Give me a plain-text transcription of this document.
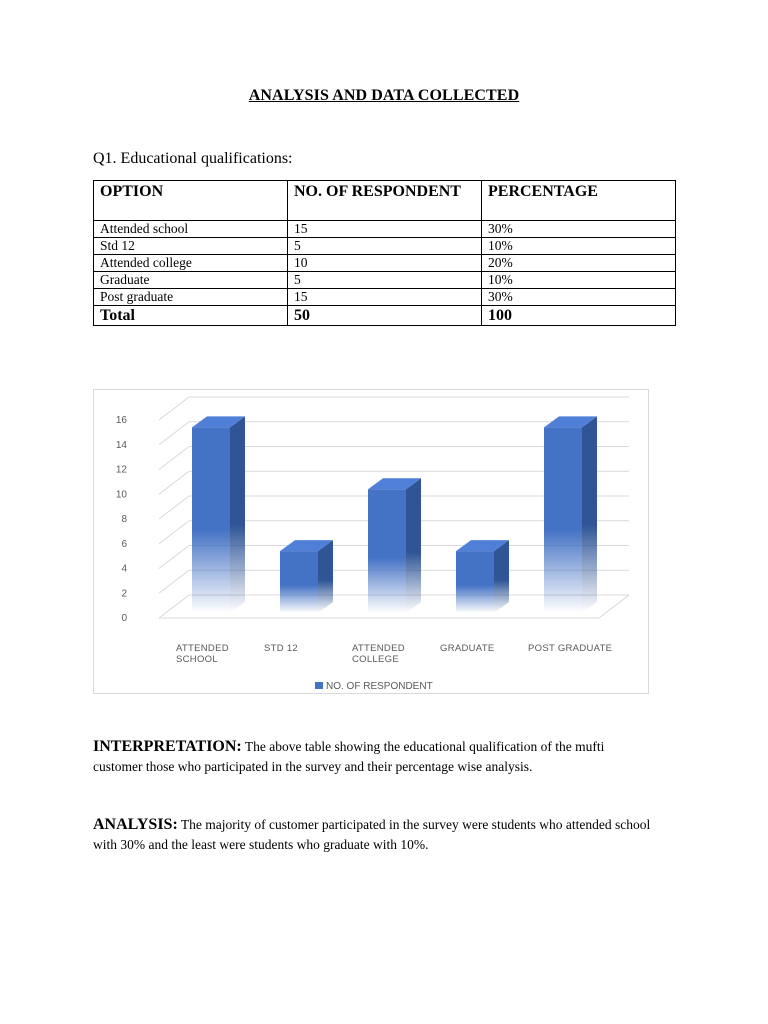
ANALYSIS AND DATA COLLECTED
Q1. Educational qualifications:
OPTION	NO. OF RESPONDENT	PERCENTAGE
Attended school	15	30%
Std 12	5	10%
Attended college	10	20%
Graduate	5	10%
Post graduate	15	30%
Total	50	100
0
2
4
6
8
10
12
14
16
ATTENDED SCHOOL
STD 12	ATTENDED COLLEGE
GRADUATE	POST GRADUATE
NO. OF RESPONDENT
INTERPRETATION: The above table showing the educational qualification of the mufti customer those who participated in the survey and their percentage wise analysis.
ANALYSIS: The majority of customer participated in the survey were students who attended school with 30% and the least were students who graduate with 10%.
